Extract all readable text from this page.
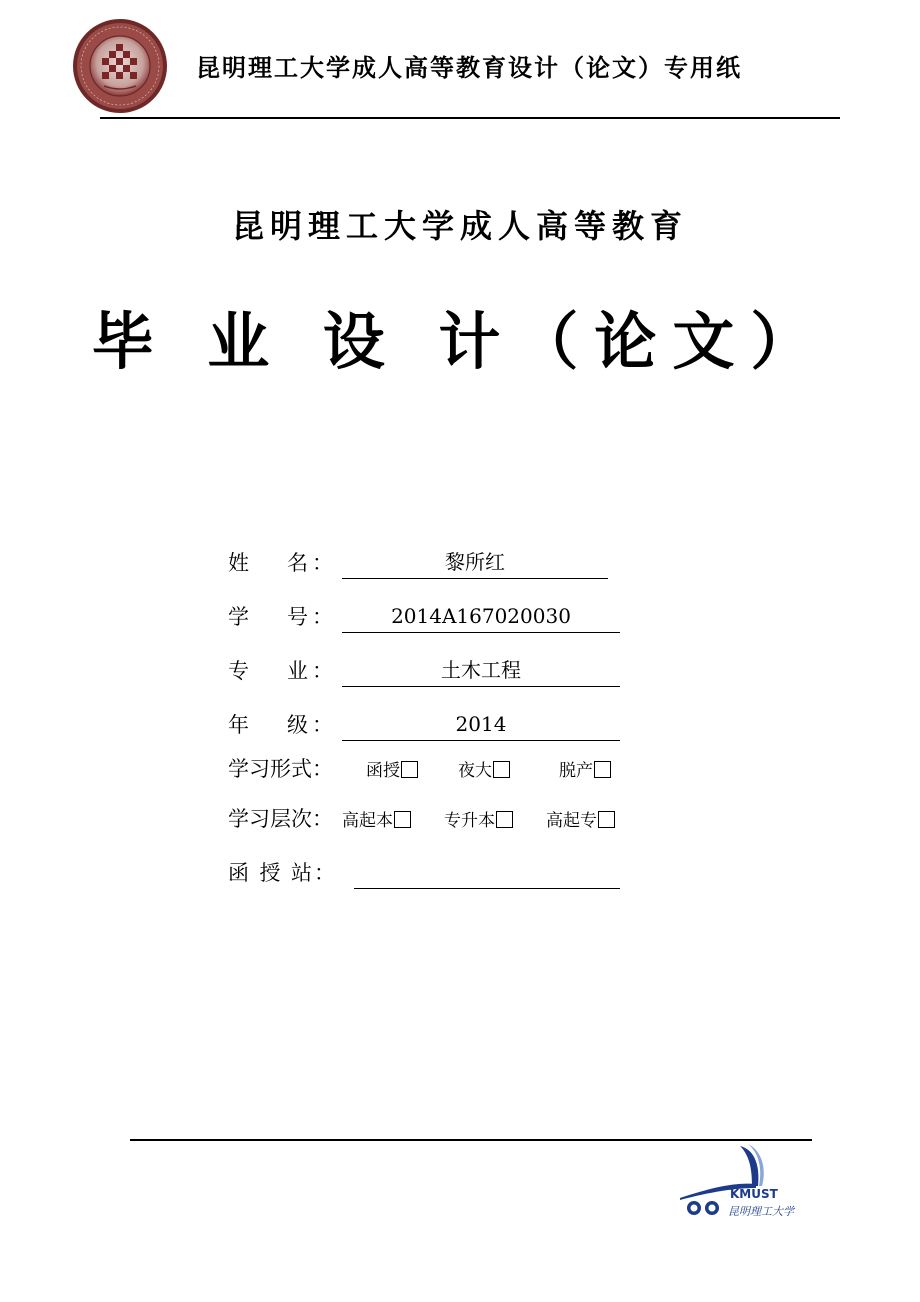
昆明理工大学成人高等教育设计（论文）专用纸
昆明理工大学成人高等教育
毕 业 设 计（论文）
姓 名 ：	黎所红
学 号 ：	2014A167020030
专 业 ：	土木工程
年 级 ：	2014
学习形式：	函授	夜大	脱产
学习层次： 高起本	专升本	高起专
函 授 站 ：
KMUST
昆明理工大学
